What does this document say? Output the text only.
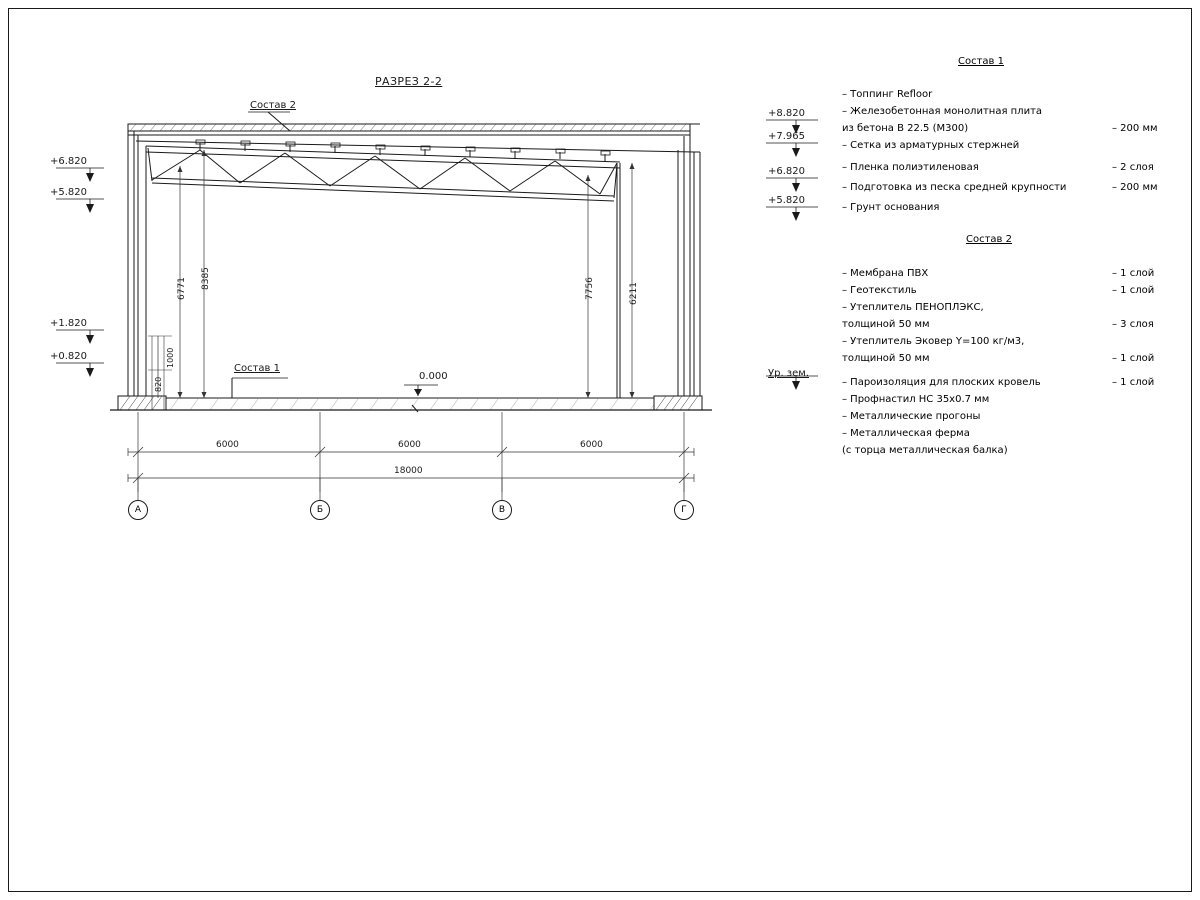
РАЗРЕЗ 2-2
Состав 2
Состав 1
0.000
+6.820
+5.820
+1.820
+0.820
+8.820
+7.965
+6.820
+5.820
Ур. зем.
6771 8385	7756	6211
1000
820
6000	6000	6000
18000
А	Б	В	Г
Состав 1
– Топпинг Refloor
– Железобетонная монолитная плита
из бетона В 22.5 (М300)	– 200 мм
– Сетка из арматурных стержней
– Пленка полиэтиленовая	– 2 слоя
– Подготовка из песка средней крупности	– 200 мм
– Грунт основания
Состав 2
– Мембрана ПВХ	– 1 слой
– Геотекстиль	– 1 слой
– Утеплитель ПЕНОПЛЭКС,
толщиной 50 мм	– 3 слоя
– Утеплитель Эковер Y=100 кг/м3,
толщиной 50 мм	– 1 слой
– Пароизоляция для плоских кровель	– 1 слой
– Профнастил НС 35х0.7 мм
– Металлические прогоны
– Металлическая ферма
(с торца металлическая балка)
